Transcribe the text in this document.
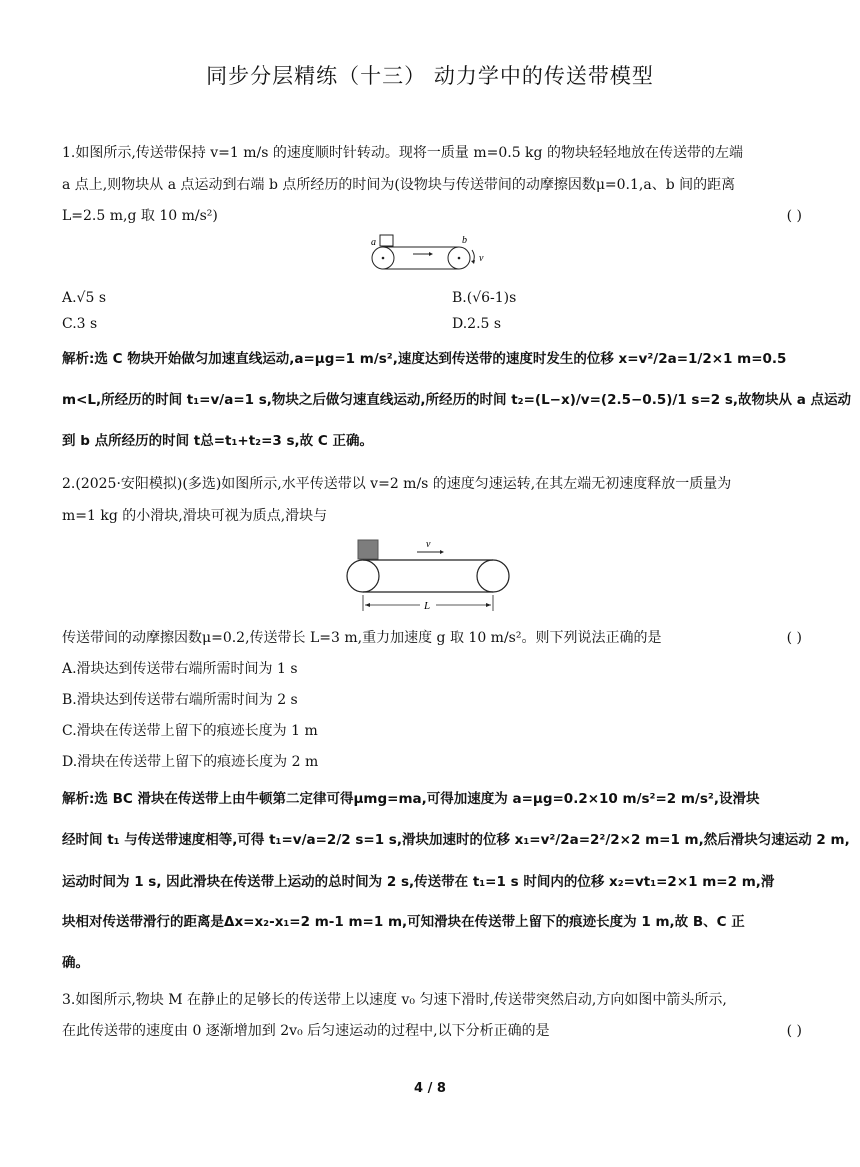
同步分层精练（十三） 动力学中的传送带模型
1.如图所示,传送带保持 v=1 m/s 的速度顺时针转动。现将一质量 m=0.5 kg 的物块轻轻地放在传送带的左端
a 点上,则物块从 a 点运动到右端 b 点所经历的时间为(设物块与传送带间的动摩擦因数μ=0.1,a、b 间的距离
L=2.5 m,g 取 10 m/s²)	( )
a	b
v
A.√5 s	B.(√6-1)s
C.3 s	D.2.5 s
解析:选 C 物块开始做匀加速直线运动,a=μg=1 m/s²,速度达到传送带的速度时发生的位移 x=v²/2a=1/2×1 m=0.5
m<L,所经历的时间 t₁=v/a=1 s,物块之后做匀速直线运动,所经历的时间 t₂=(L−x)/v=(2.5−0.5)/1 s=2 s,故物块从 a 点运动
到 b 点所经历的时间 t总=t₁+t₂=3 s,故 C 正确。
2.(2025·安阳模拟)(多选)如图所示,水平传送带以 v=2 m/s 的速度匀速运转,在其左端无初速度释放一质量为
m=1 kg 的小滑块,滑块可视为质点,滑块与
v
L
传送带间的动摩擦因数μ=0.2,传送带长 L=3 m,重力加速度 g 取 10 m/s²。则下列说法正确的是	( )
A.滑块达到传送带右端所需时间为 1 s
B.滑块达到传送带右端所需时间为 2 s
C.滑块在传送带上留下的痕迹长度为 1 m
D.滑块在传送带上留下的痕迹长度为 2 m
解析:选 BC 滑块在传送带上由牛顿第二定律可得μmg=ma,可得加速度为 a=μg=0.2×10 m/s²=2 m/s²,设滑块
经时间 t₁ 与传送带速度相等,可得 t₁=v/a=2/2 s=1 s,滑块加速时的位移 x₁=v²/2a=2²/2×2 m=1 m,然后滑块匀速运动 2 m,
运动时间为 1 s, 因此滑块在传送带上运动的总时间为 2 s,传送带在 t₁=1 s 时间内的位移 x₂=vt₁=2×1 m=2 m,滑
块相对传送带滑行的距离是Δx=x₂-x₁=2 m-1 m=1 m,可知滑块在传送带上留下的痕迹长度为 1 m,故 B、C 正
确。
3.如图所示,物块 M 在静止的足够长的传送带上以速度 v₀ 匀速下滑时,传送带突然启动,方向如图中箭头所示,
在此传送带的速度由 0 逐渐增加到 2v₀ 后匀速运动的过程中,以下分析正确的是	( )
4 / 8
